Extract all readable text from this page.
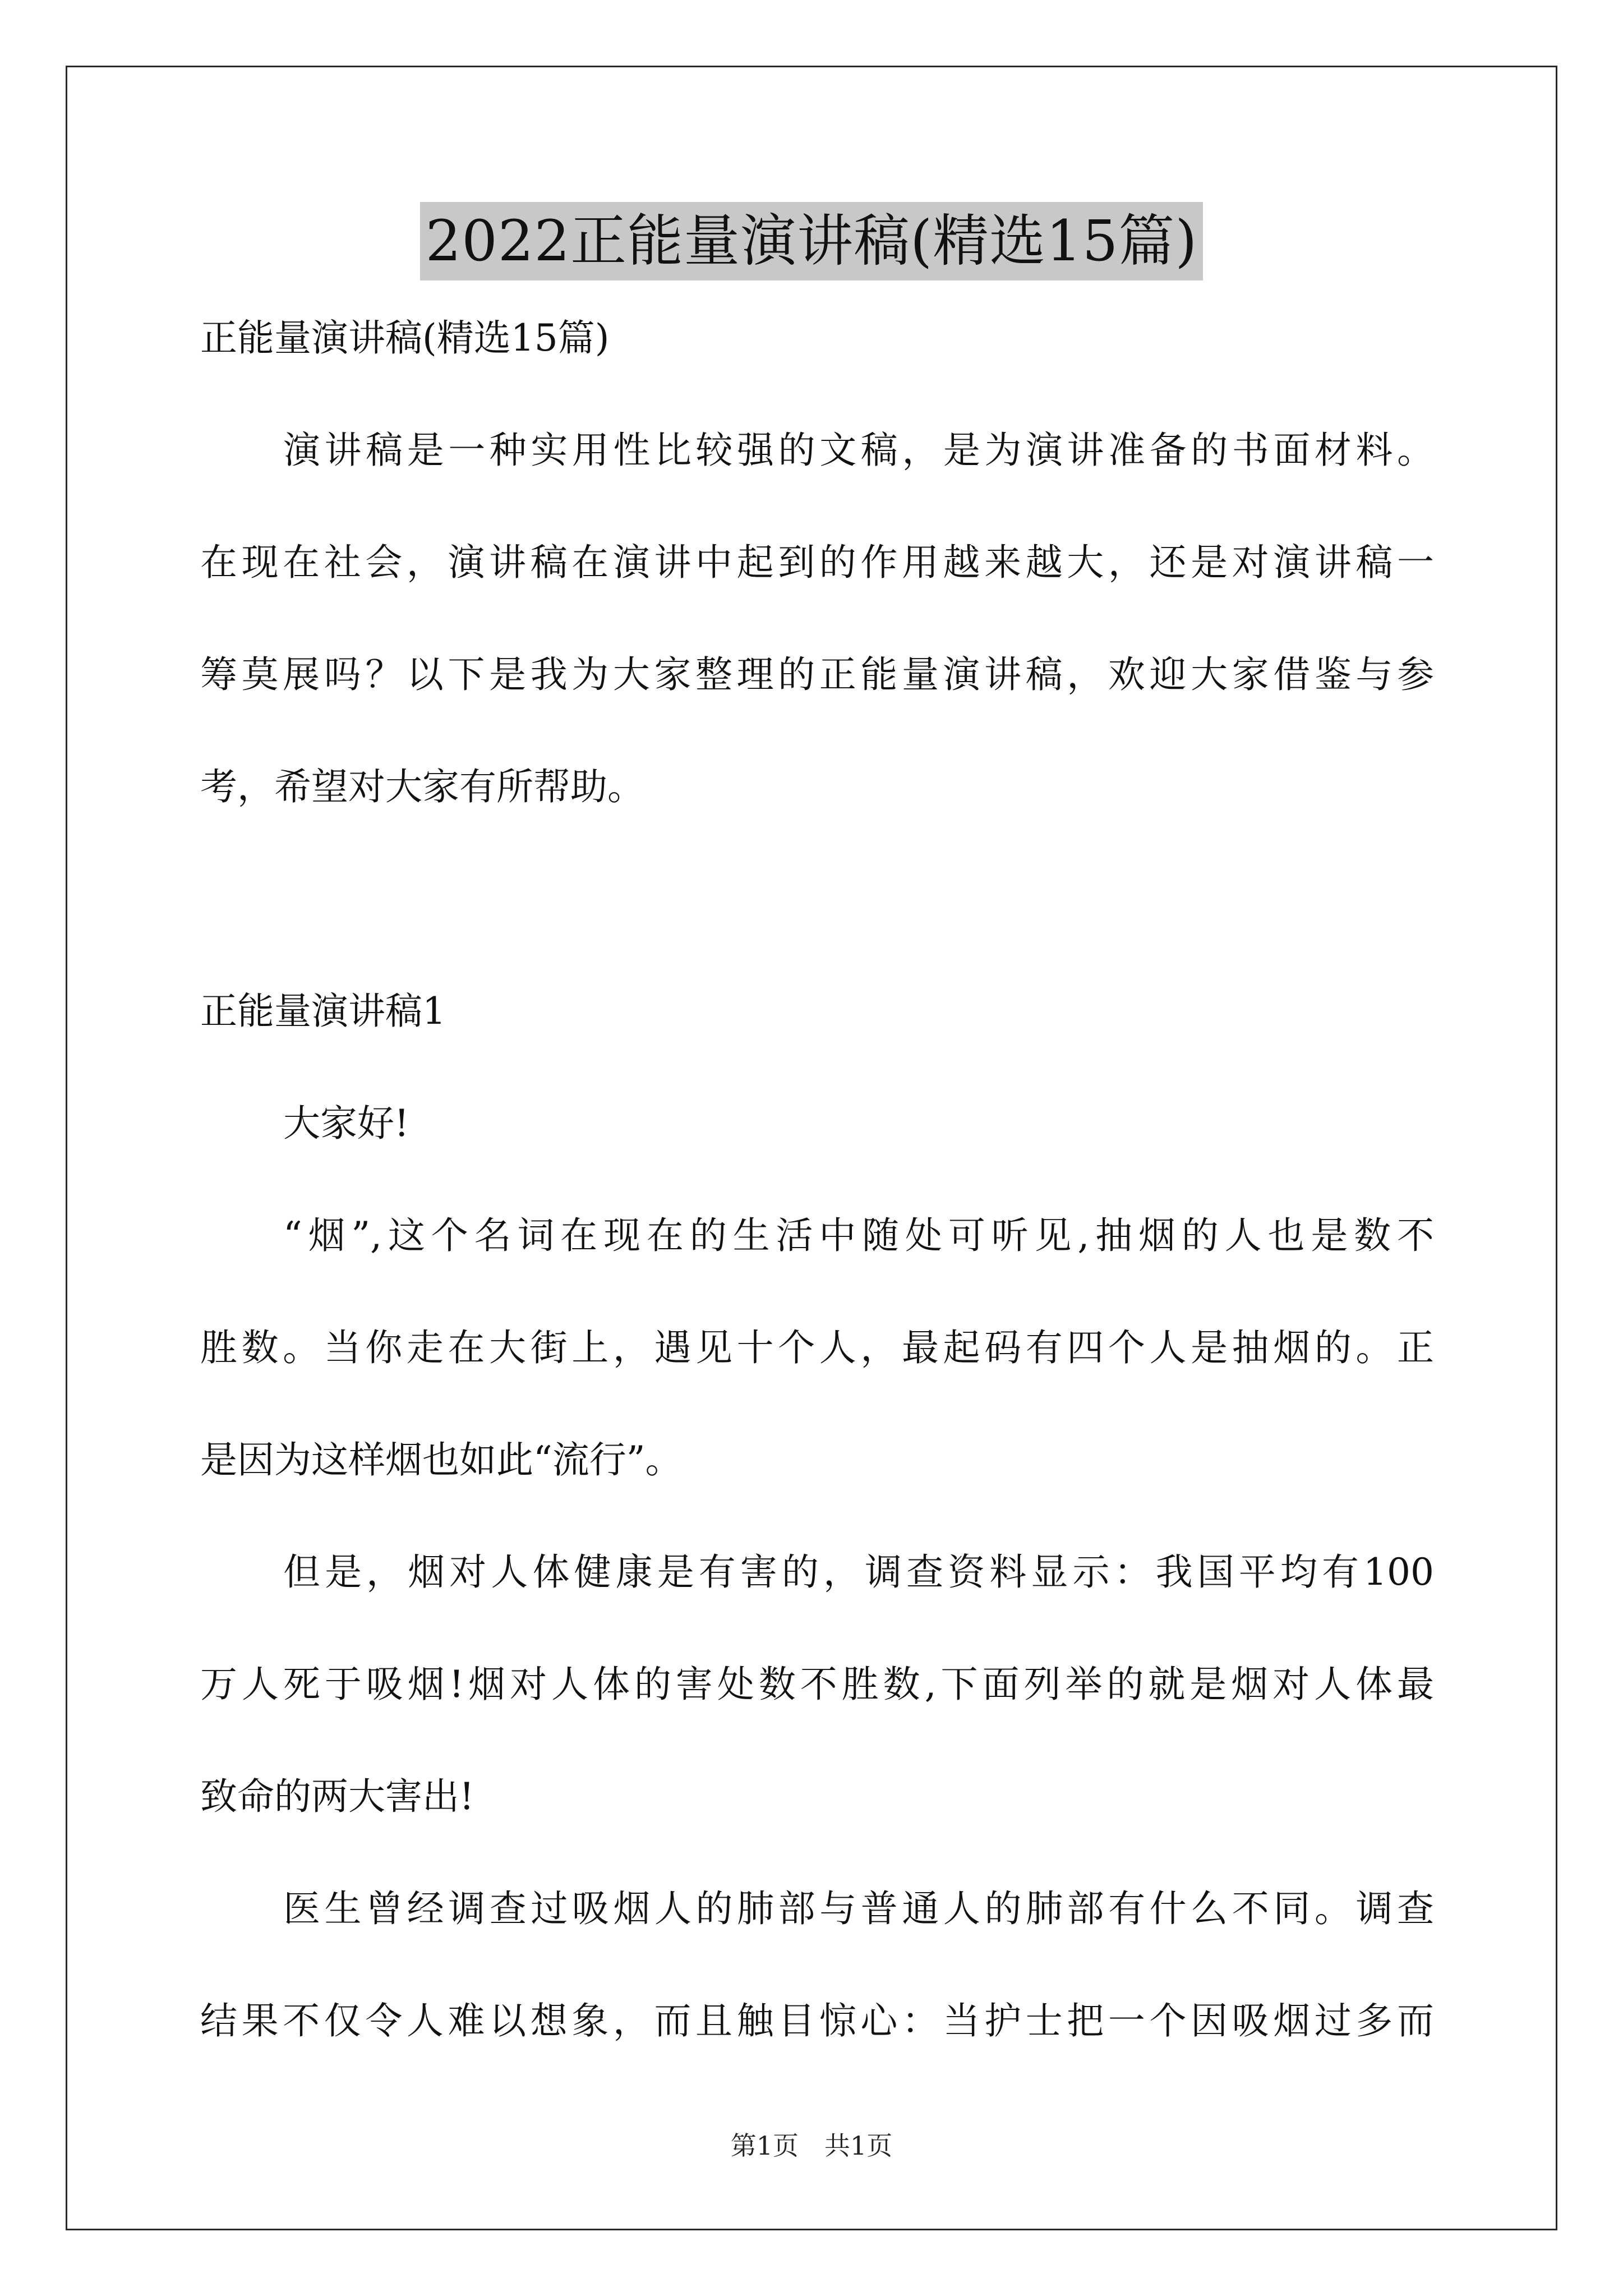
2022正能量演讲稿(精选15篇)
正能量演讲稿(精选15篇)
演讲稿是一种实用性比较强的文稿，是为演讲准备的书面材料。
在现在社会，演讲稿在演讲中起到的作用越来越大，还是对演讲稿一
筹莫展吗？以下是我为大家整理的正能量演讲稿，欢迎大家借鉴与参
考，希望对大家有所帮助。
正能量演讲稿1
大家好!
“烟”,这个名词在现在的生活中随处可听见,抽烟的人也是数不
胜数。当你走在大街上，遇见十个人，最起码有四个人是抽烟的。正
是因为这样烟也如此“流行”。
但是，烟对人体健康是有害的，调查资料显示：我国平均有100
万人死于吸烟!烟对人体的害处数不胜数,下面列举的就是烟对人体最
致命的两大害出!
医生曾经调查过吸烟人的肺部与普通人的肺部有什么不同。调查
结果不仅令人难以想象，而且触目惊心：当护士把一个因吸烟过多而
第1页　共1页
